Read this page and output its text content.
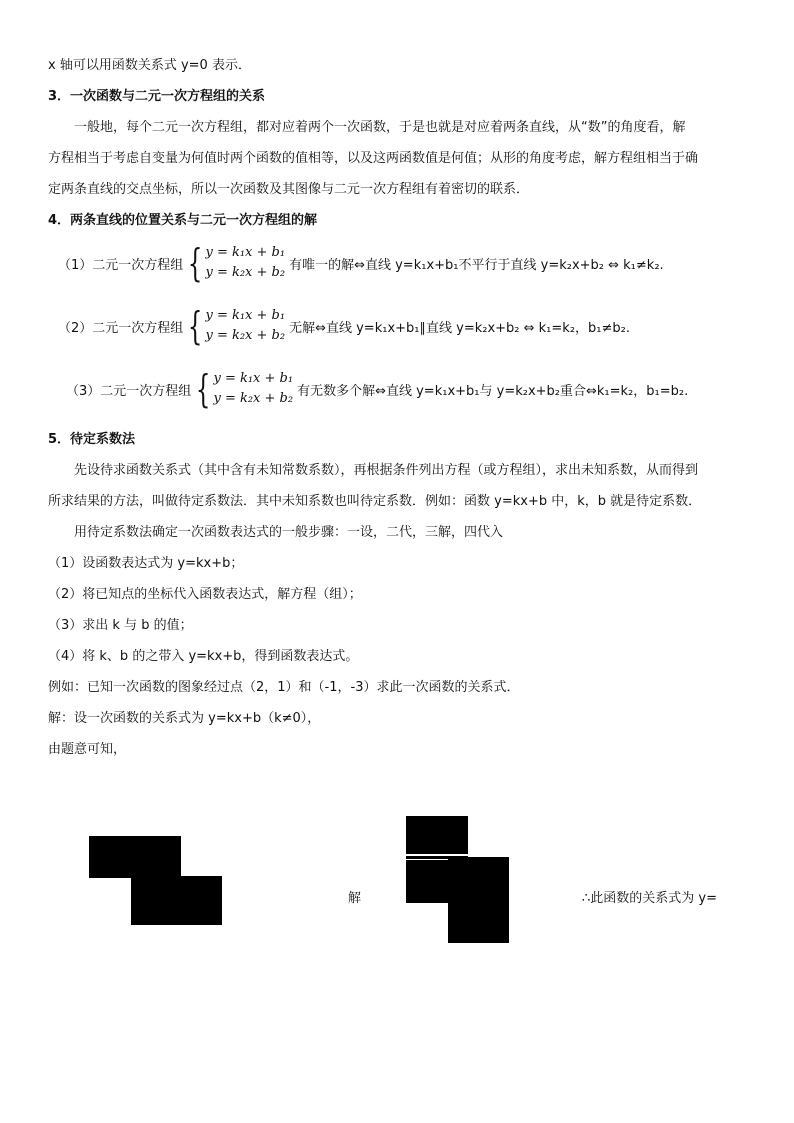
x 轴可以用函数关系式 y=0 表示．
3．一次函数与二元一次方程组的关系
一般地，每个二元一次方程组，都对应着两个一次函数，于是也就是对应着两条直线，从“数”的角度看，解
方程相当于考虑自变量为何值时两个函数的值相等，以及这两函数值是何值；从形的角度考虑，解方程组相当于确
定两条直线的交点坐标，所以一次函数及其图像与二元一次方程组有着密切的联系．
4．两条直线的位置关系与二元一次方程组的解
（1）二元一次方程组 { y = k₁x + b₁
y = k₂x + b₂ 有唯一的解⇔直线 y=k₁x+b₁不平行于直线 y=k₂x+b₂ ⇔ k₁≠k₂.
（2）二元一次方程组 { y = k₁x + b₁
y = k₂x + b₂ 无解⇔直线 y=k₁x+b₁∥直线 y=k₂x+b₂ ⇔ k₁=k₂，b₁≠b₂.
（3）二元一次方程组 { y = k₁x + b₁
y = k₂x + b₂ 有无数多个解⇔直线 y=k₁x+b₁与 y=k₂x+b₂重合⇔k₁=k₂，b₁=b₂.
5．待定系数法
先设待求函数关系式（其中含有未知常数系数），再根据条件列出方程（或方程组），求出未知系数，从而得到
所求结果的方法，叫做待定系数法．其中未知系数也叫待定系数．例如：函数 y=kx+b 中，k，b 就是待定系数．
用待定系数法确定一次函数表达式的一般步骤：一设，二代，三解，四代入
（1）设函数表达式为 y=kx+b；
（2）将已知点的坐标代入函数表达式，解方程（组）；
（3）求出 k 与 b 的值；
（4）将 k、b 的之带入 y=kx+b，得到函数表达式。
例如：已知一次函数的图象经过点（2，1）和（-1，-3）求此一次函数的关系式．
解：设一次函数的关系式为 y=kx+b（k≠0），
由题意可知，
解	∴此函数的关系式为 y=
